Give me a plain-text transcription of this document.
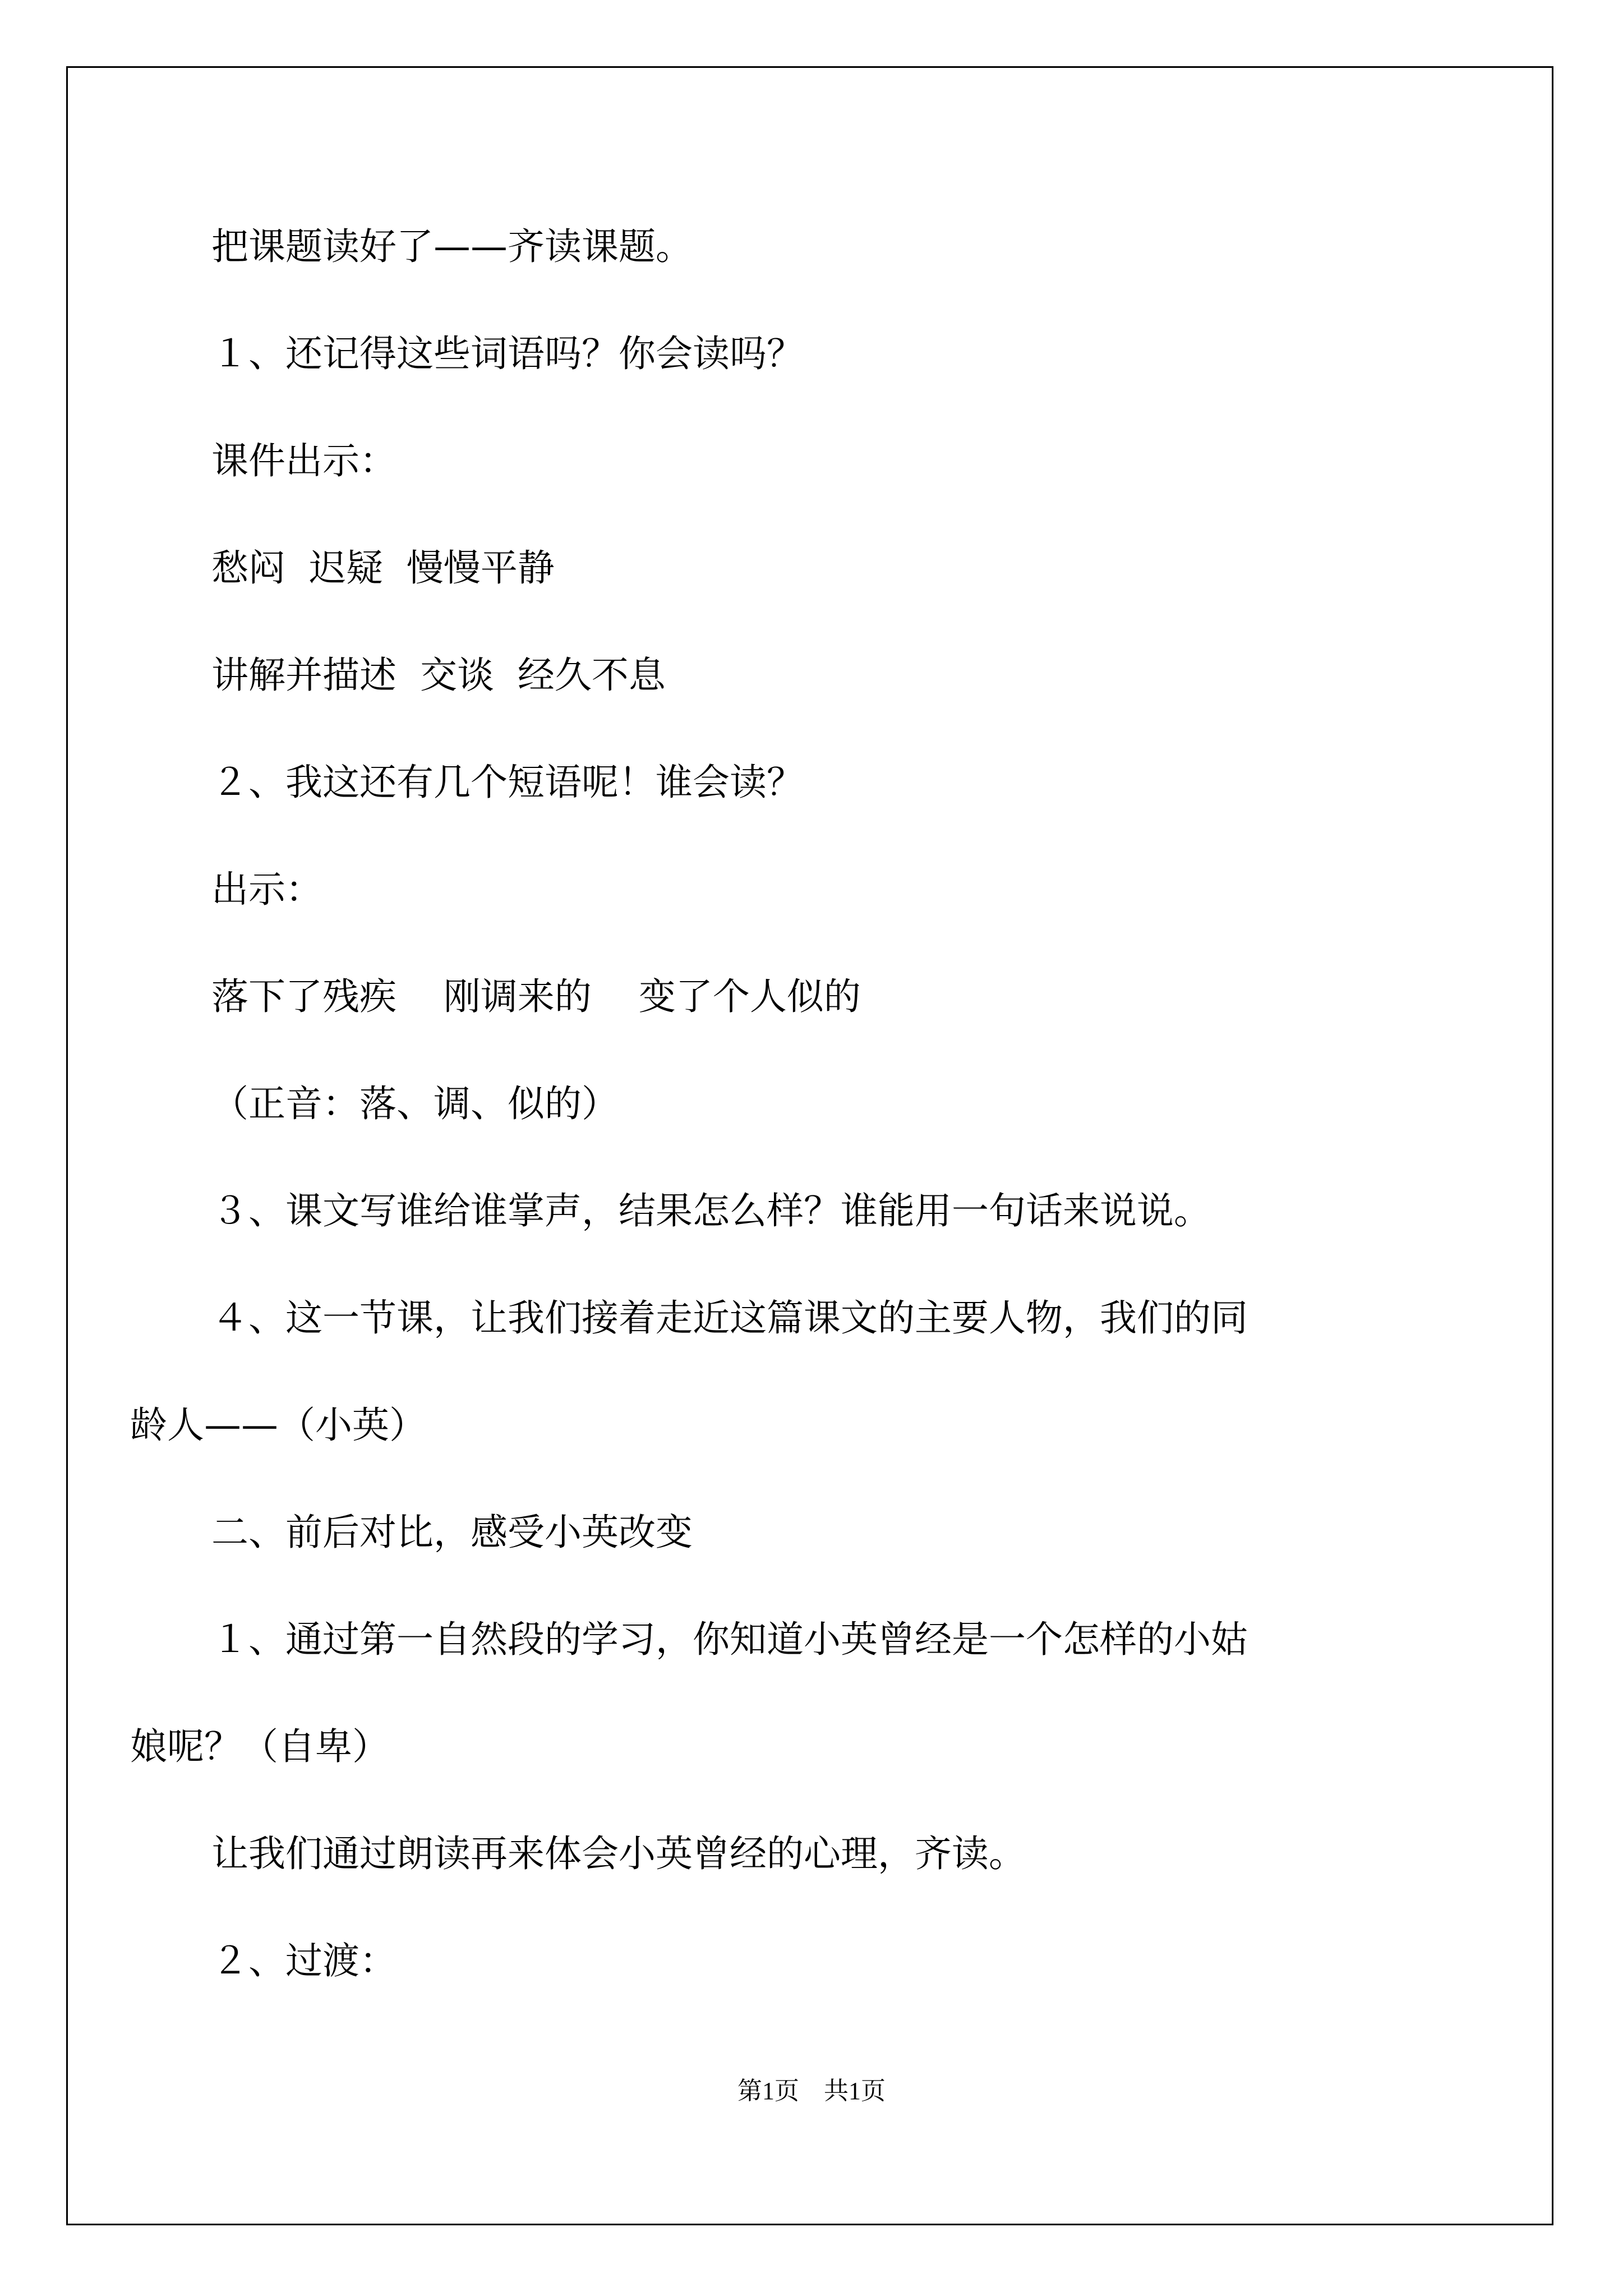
把课题读好了——齐读课题。
１、还记得这些词语吗？你会读吗？
课件出示：
愁闷  迟疑  慢慢平静
讲解并描述  交谈  经久不息
２、我这还有几个短语呢！谁会读？
出示：
落下了残疾    刚调来的    变了个人似的
（正音：落、调、似的）
３、课文写谁给谁掌声，结果怎么样？谁能用一句话来说说。
４、这一节课，让我们接着走近这篇课文的主要人物，我们的同
龄人——（小英）
二、前后对比，感受小英改变
１、通过第一自然段的学习，你知道小英曾经是一个怎样的小姑
娘呢？（自卑）
让我们通过朗读再来体会小英曾经的心理，齐读。
２、过渡：
第1页    共1页
